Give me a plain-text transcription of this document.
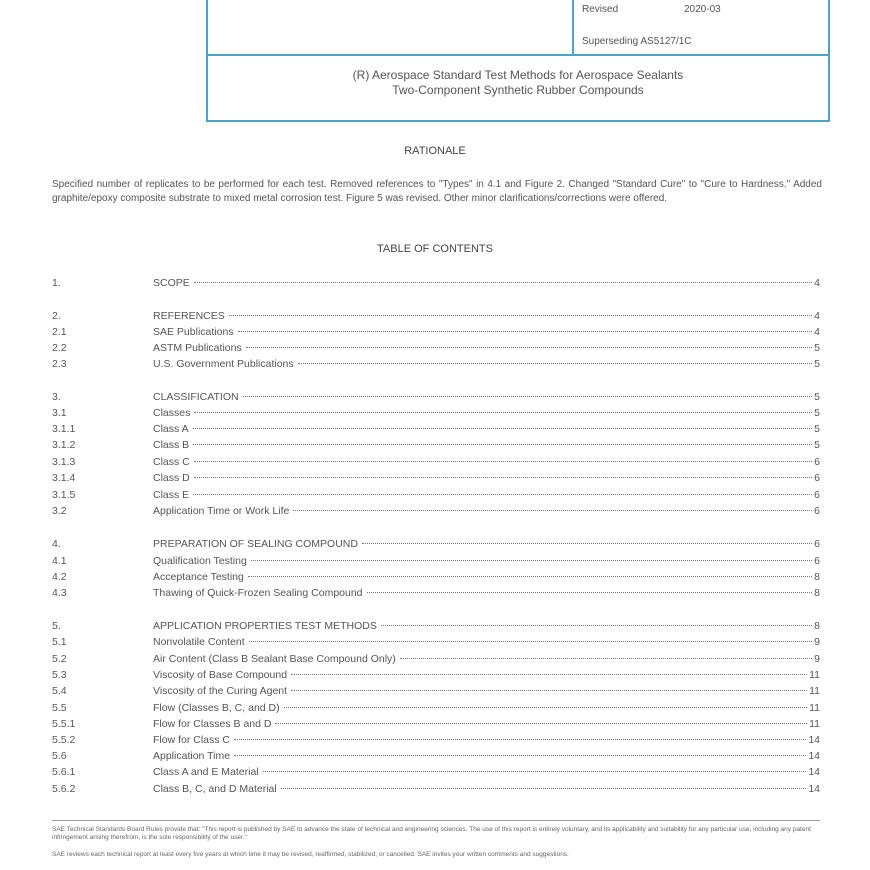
Revised	2020-03
Superseding AS5127/1C
(R) Aerospace Standard Test Methods for Aerospace Sealants
Two-Component Synthetic Rubber Compounds
RATIONALE
Specified number of replicates to be performed for each test. Removed references to "Types" in 4.1 and Figure 2. Changed "Standard Cure" to "Cure to Hardness." Added graphite/epoxy composite substrate to mixed metal corrosion test. Figure 5 was revised. Other minor clarifications/corrections were offered.
TABLE OF CONTENTS
1.	SCOPE	4
2.	REFERENCES	4
2.1	SAE Publications	4
2.2	ASTM Publications	5
2.3	U.S. Government Publications	5
3.	CLASSIFICATION	5
3.1	Classes	5
3.1.1	Class A	5
3.1.2	Class B	5
3.1.3	Class C	6
3.1.4	Class D	6
3.1.5	Class E	6
3.2	Application Time or Work Life	6
4.	PREPARATION OF SEALING COMPOUND	6
4.1	Qualification Testing	6
4.2	Acceptance Testing	8
4.3	Thawing of Quick-Frozen Sealing Compound	8
5.	APPLICATION PROPERTIES TEST METHODS	8
5.1	Nonvolatile Content	9
5.2	Air Content (Class B Sealant Base Compound Only)	9
5.3	Viscosity of Base Compound	11
5.4	Viscosity of the Curing Agent	11
5.5	Flow (Classes B, C, and D)	11
5.5.1	Flow for Classes B and D	11
5.5.2	Flow for Class C	14
5.6	Application Time	14
5.6.1	Class A and E Material	14
5.6.2	Class B, C, and D Material	14
SAE Technical Standards Board Rules provide that: "This report is published by SAE to advance the state of technical and engineering sciences. The use of this report is entirely voluntary, and its applicability and suitability for any particular use, including any patent infringement arising therefrom, is the sole responsibility of the user."
SAE reviews each technical report at least every five years at which time it may be revised, reaffirmed, stabilized, or cancelled. SAE invites your written comments and suggestions.
